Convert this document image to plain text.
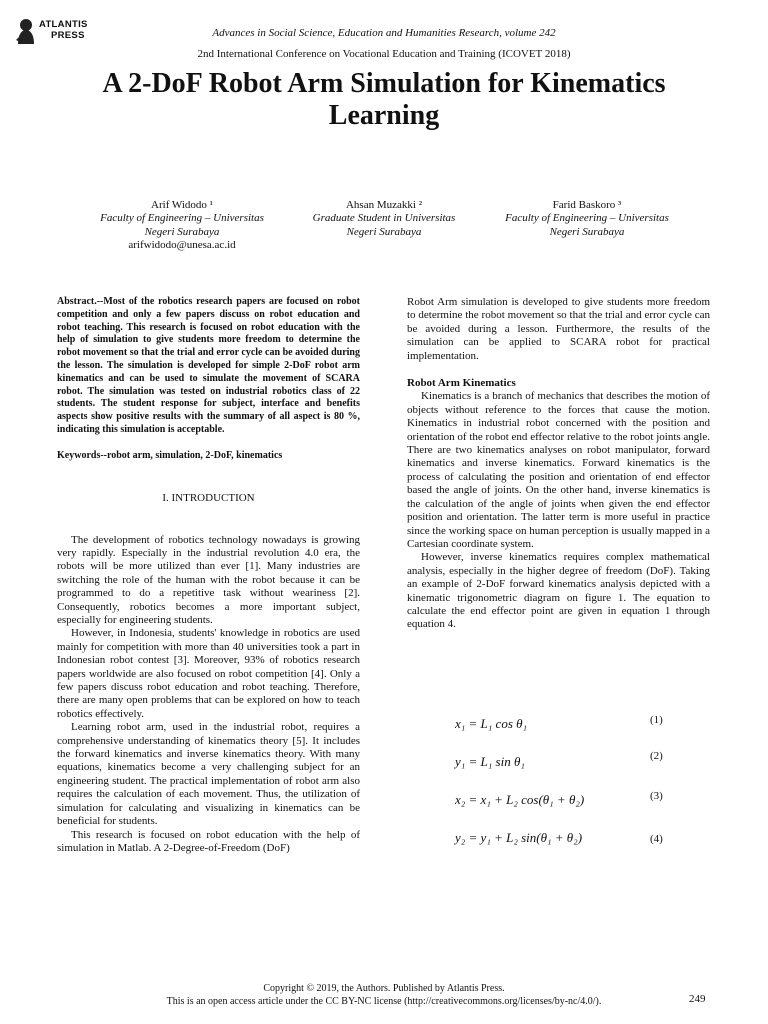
ATLANTIS
PRESS	Advances in Social Science, Education and Humanities Research, volume 242
2nd International Conference on Vocational Education and Training (ICOVET 2018)
A 2-DoF Robot Arm Simulation for Kinematics
Learning
Arif Widodo ¹
Faculty of Engineering – Universitas
Negeri Surabaya
arifwidodo@unesa.ac.id
Ahsan Muzakki ²
Graduate Student in Universitas
Negeri Surabaya
Farid Baskoro ³
Faculty of Engineering – Universitas
Negeri Surabaya

Abstract.--Most of the robotics research papers are focused on robot competition and only a few papers discuss on robot education and robot teaching. This research is focused on robot education with the help of simulation to give students more freedom to determine the robot movement so that the trial and error cycle can be avoided during the lesson. The simulation is developed for simple 2-DoF robot arm kinematics and can be used to simulate the movement of SCARA robot. The simulation was tested on industrial robotics class of 22 students. The student response for subject, interface and benefits aspects show positive results with the summary of all aspect is 80 %, indicating this simulation is acceptable.

Keywords--robot arm, simulation, 2-DoF, kinematics

I. INTRODUCTION

The development of robotics technology nowadays is growing very rapidly. Especially in the industrial revolution 4.0 era, the robots will be more utilized than ever [1]. Many industries are switching the role of the human with the robot because it can be programmed to do a repetitive task without weariness [2]. Consequently, robotics becomes a more important subject, especially for engineering students.

However, in Indonesia, students' knowledge in robotics are used mainly for competition with more than 40 universities took a part in Indonesian robot contest [3]. Moreover, 93% of robotics research papers worldwide are also focused on robot competition [4]. Only a few papers discuss robot education and robot teaching. Therefore, there are many open problems that can be explored on how to teach robotics effectively.

Learning robot arm, used in the industrial robot, requires a comprehensive understanding of kinematics theory [5]. It includes the forward kinematics and inverse kinematics theory. With many equations, kinematics become a very challenging subject for an engineering student. The practical implementation of robot arm also requires the calculation of each movement. Thus, the utilization of simulation for calculating and visualizing in kinematics can be beneficial for students.

This research is focused on robot education with the help of simulation in Matlab. A 2-Degree-of-Freedom (DoF)

Robot Arm simulation is developed to give students more freedom to determine the robot movement so that the trial and error cycle can be avoided during a lesson. Furthermore, the results of the simulation can be applied to SCARA robot for practical implementation.

Robot Arm Kinematics

Kinematics is a branch of mechanics that describes the motion of objects without reference to the forces that cause the motion. Kinematics in industrial robot concerned with the position and orientation of the robot end effector relative to the robot joints angle. There are two kinematics analyses on robot manipulator, forward kinematics and inverse kinematics. Forward kinematics is the process of calculating the position and orientation of end effector based the angle of joints. On the other hand, inverse kinematics is the calculation of the angle of joints when given the end effector position and orientation. The latter term is more useful in practice since the working space on human perception is usually mapped in a Cartesian coordinate system.

However, inverse kinematics requires complex mathematical analysis, especially in the higher degree of freedom (DoF). Taking an example of 2-DoF forward kinematics analysis depicted with a kinematic trigonometric diagram on figure 1. The equation to calculate the end effector point are given in equation 1 through equation 4.

x₁ = L₁ cos θ₁	(1)
y₁ = L₁ sin θ₁	(2)
x₂ = x₁ + L₂ cos(θ₁ + θ₂)	(3)
y₂ = y₁ + L₂ sin(θ₁ + θ₂)	(4)
Copyright © 2019, the Authors. Published by Atlantis Press.
This is an open access article under the CC BY-NC license (http://creativecommons.org/licenses/by-nc/4.0/).	249
